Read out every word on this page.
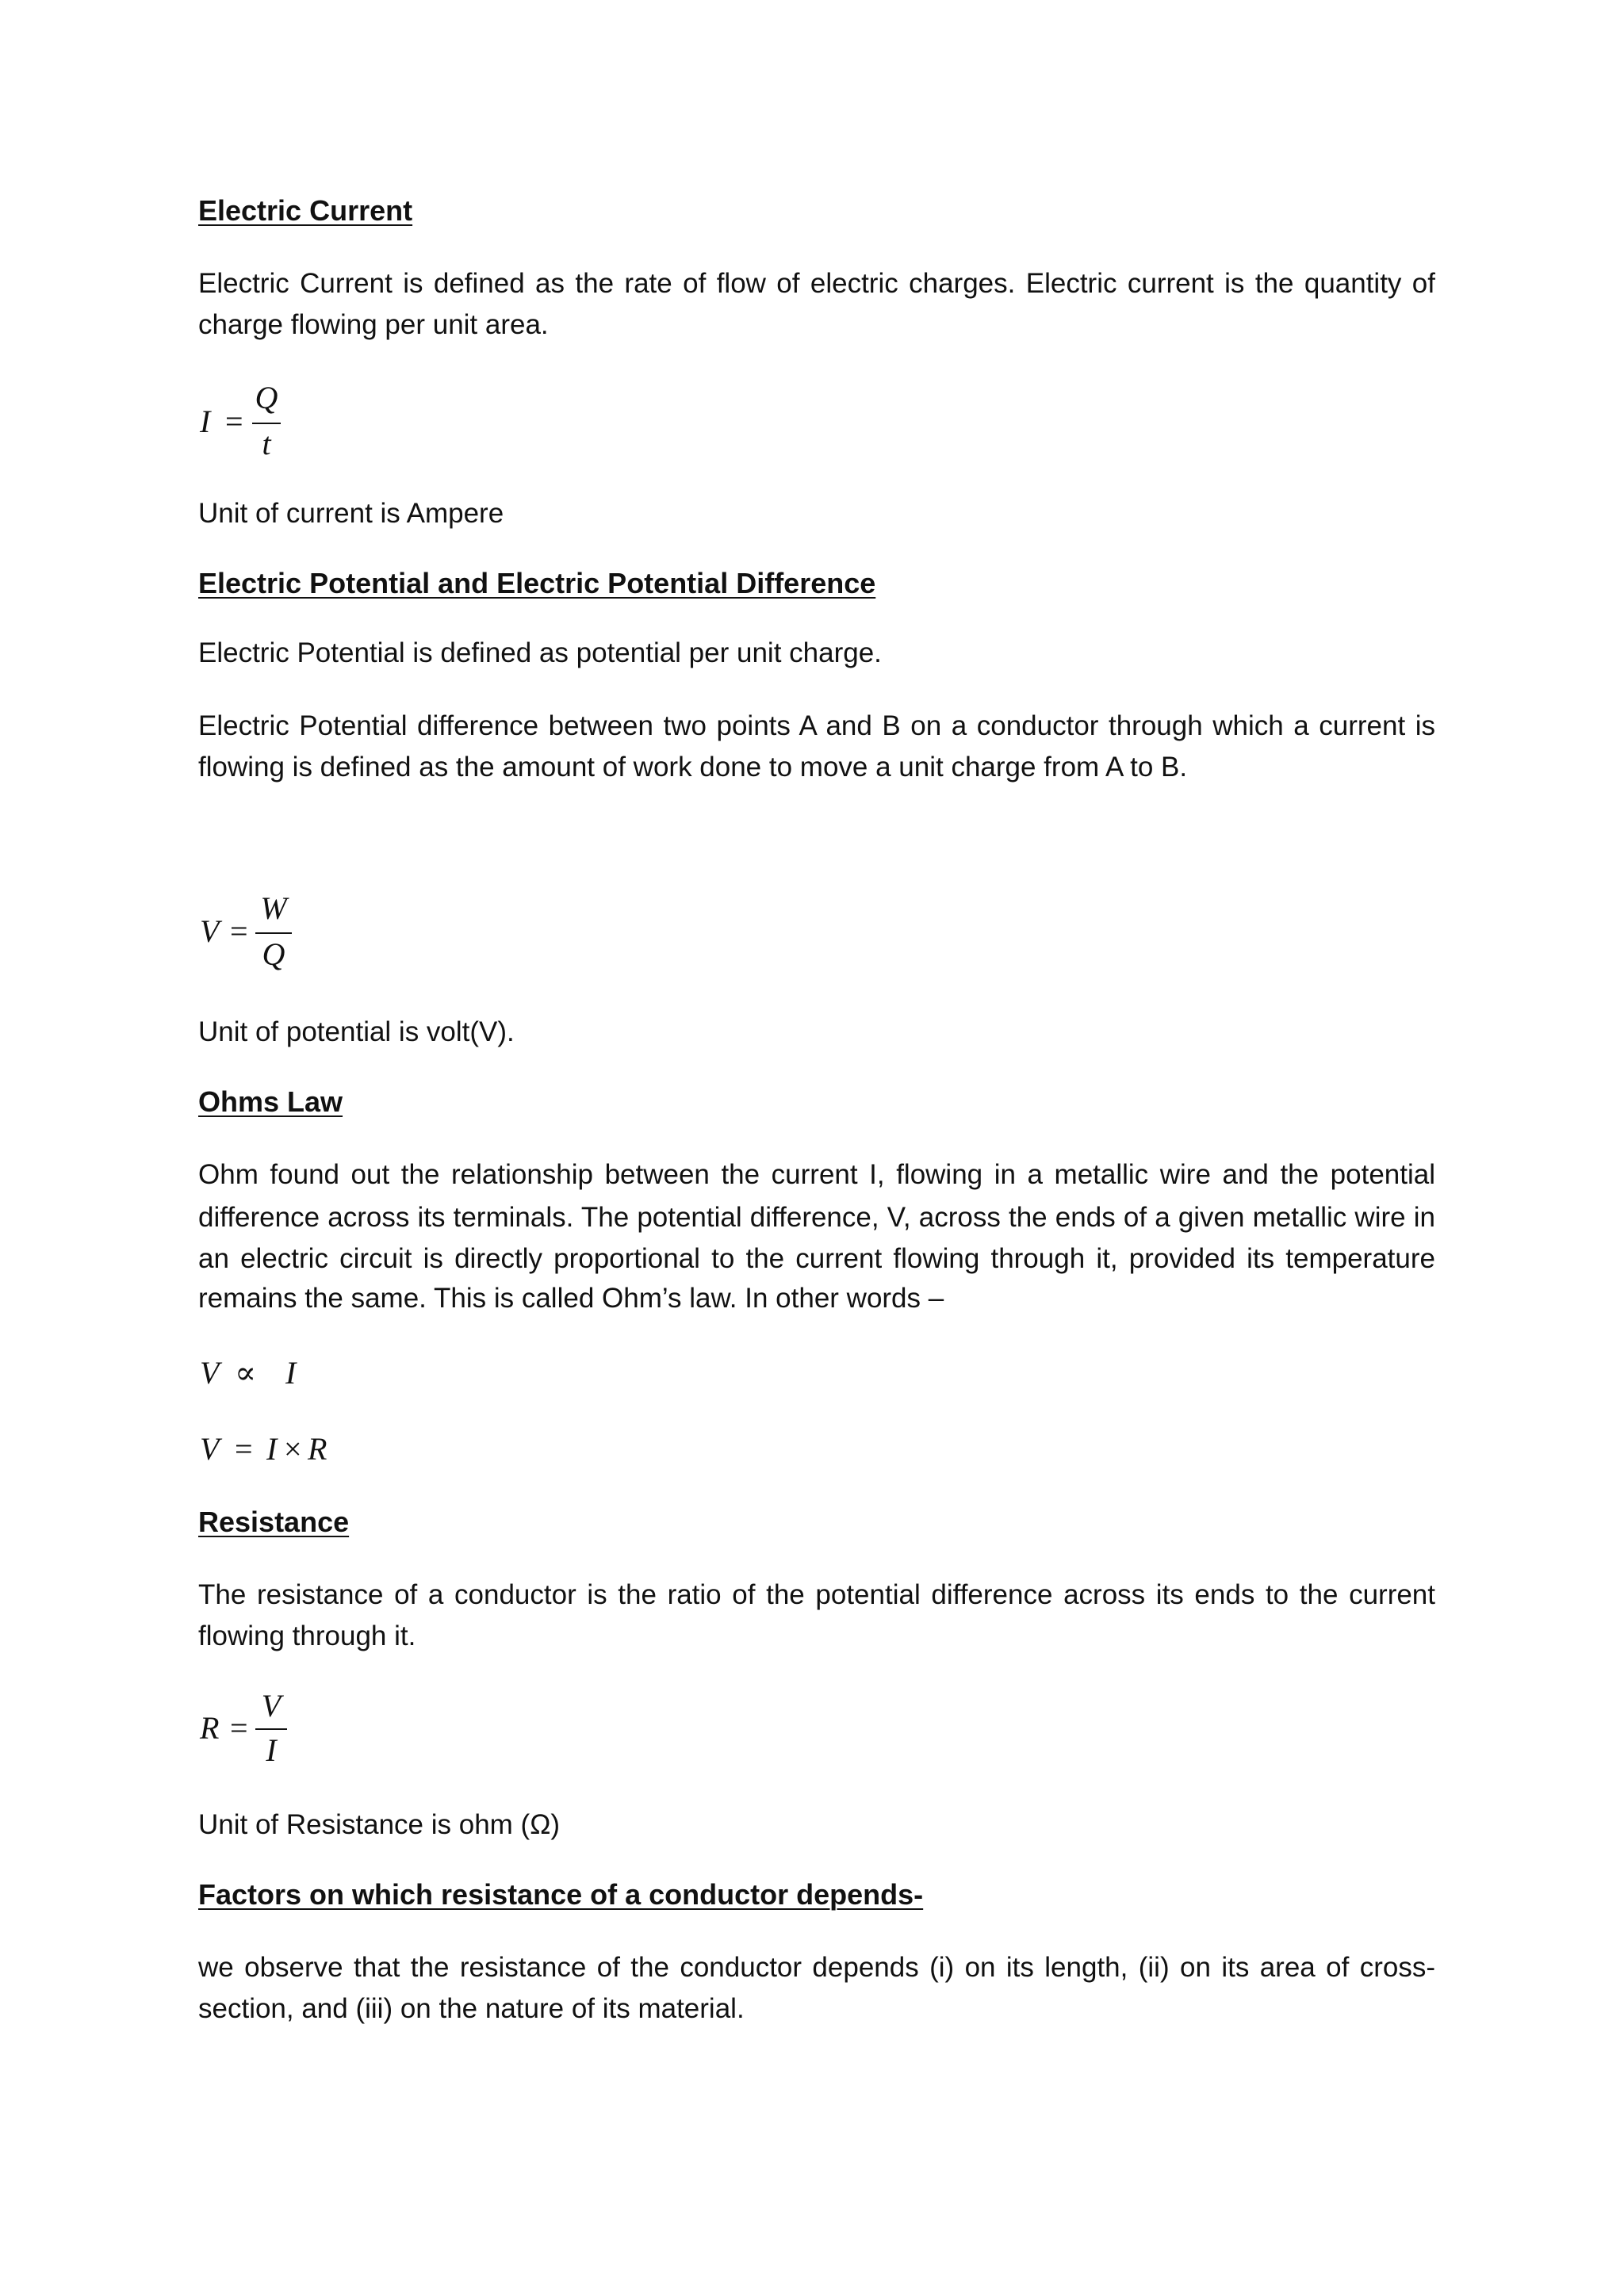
Electric Current
Electric Current is defined as the rate of flow of electric charges. Electric current is the quantity of
charge flowing per unit area.
I =
Q
t
Unit of current is Ampere
Electric Potential and Electric Potential Difference
Electric Potential is defined as potential per unit charge.
Electric Potential difference between two points A and B on a conductor through which a current is
flowing is defined as the amount of work done to move a unit charge from A to B.
V =
W
Q
Unit of potential is volt(V).
Ohms Law
Ohm found out the relationship between the current I, flowing in a metallic wire and the potential
difference across its terminals. The potential difference, V, across the ends of a given metallic wire in
an electric circuit is directly proportional to the current flowing through it, provided its temperature
remains the same. This is called Ohm’s law. In other words –
V ∝ I
V = I × R
Resistance
The resistance of a conductor is the ratio of the potential difference across its ends to the current
flowing through it.
R =
V
I
Unit of Resistance is ohm (Ω)
Factors on which resistance of a conductor depends-
we observe that the resistance of the conductor depends (i) on its length, (ii) on its area of cross-
section, and (iii) on the nature of its material.
